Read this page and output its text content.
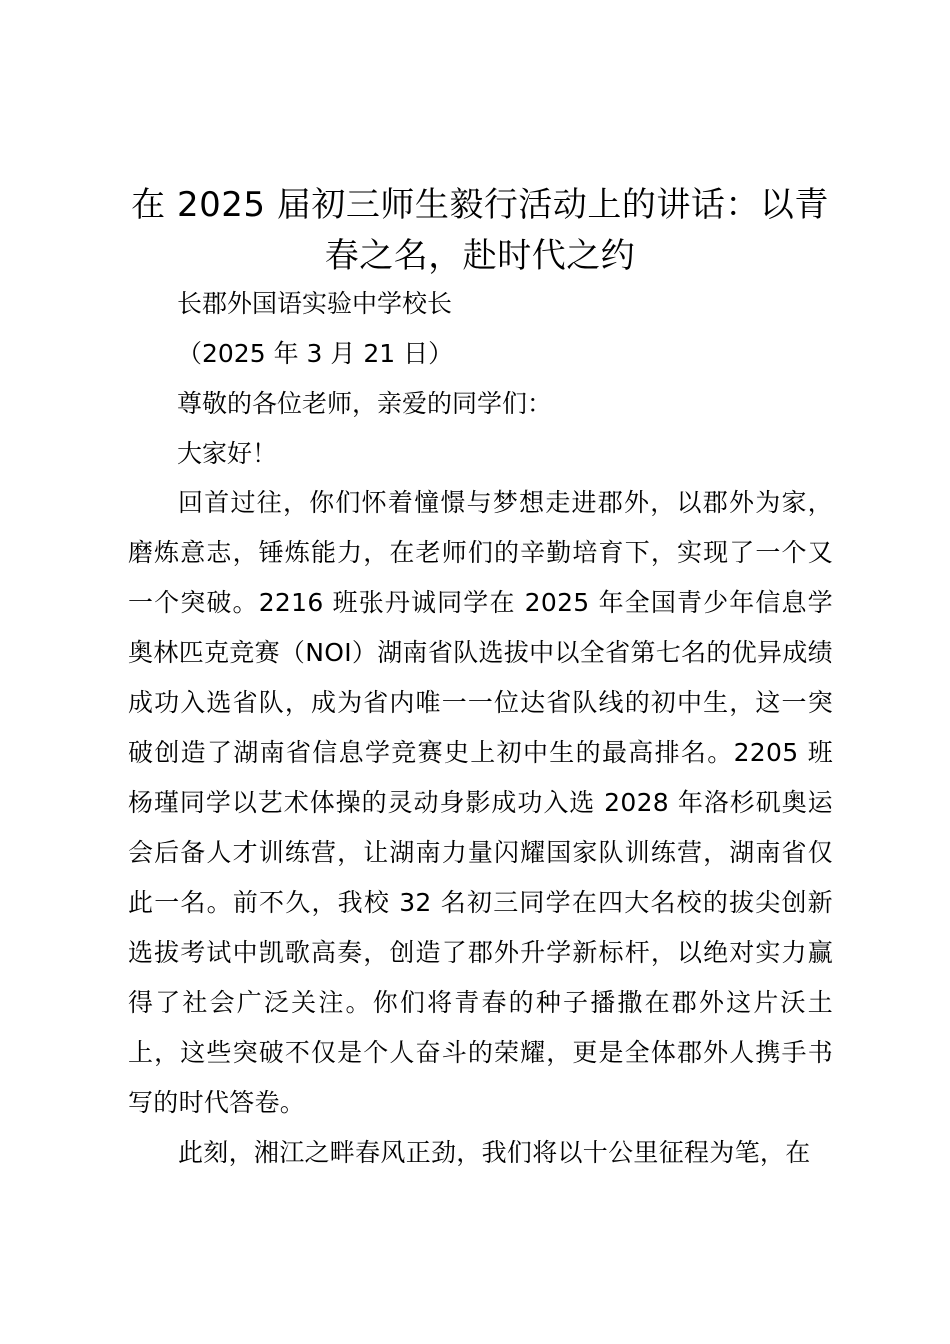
在 2025 届初三师生毅行活动上的讲话：以青春之名，赴时代之约

长郡外国语实验中学校长

（2025 年 3 月 21 日）

尊敬的各位老师，亲爱的同学们：

大家好！

回首过往，你们怀着憧憬与梦想走进郡外，以郡外为家，磨炼意志，锤炼能力，在老师们的辛勤培育下，实现了一个又一个突破。2216 班张丹诚同学在 2025 年全国青少年信息学奥林匹克竞赛（NOI）湖南省队选拔中以全省第七名的优异成绩成功入选省队，成为省内唯一一位达省队线的初中生，这一突破创造了湖南省信息学竞赛史上初中生的最高排名。2205 班杨瑾同学以艺术体操的灵动身影成功入选 2028 年洛杉矶奥运会后备人才训练营，让湖南力量闪耀国家队训练营，湖南省仅此一名。前不久，我校 32 名初三同学在四大名校的拔尖创新选拔考试中凯歌高奏，创造了郡外升学新标杆，以绝对实力赢得了社会广泛关注。你们将青春的种子播撒在郡外这片沃土上，这些突破不仅是个人奋斗的荣耀，更是全体郡外人携手书写的时代答卷。

此刻，湘江之畔春风正劲，我们将以十公里征程为笔，在
